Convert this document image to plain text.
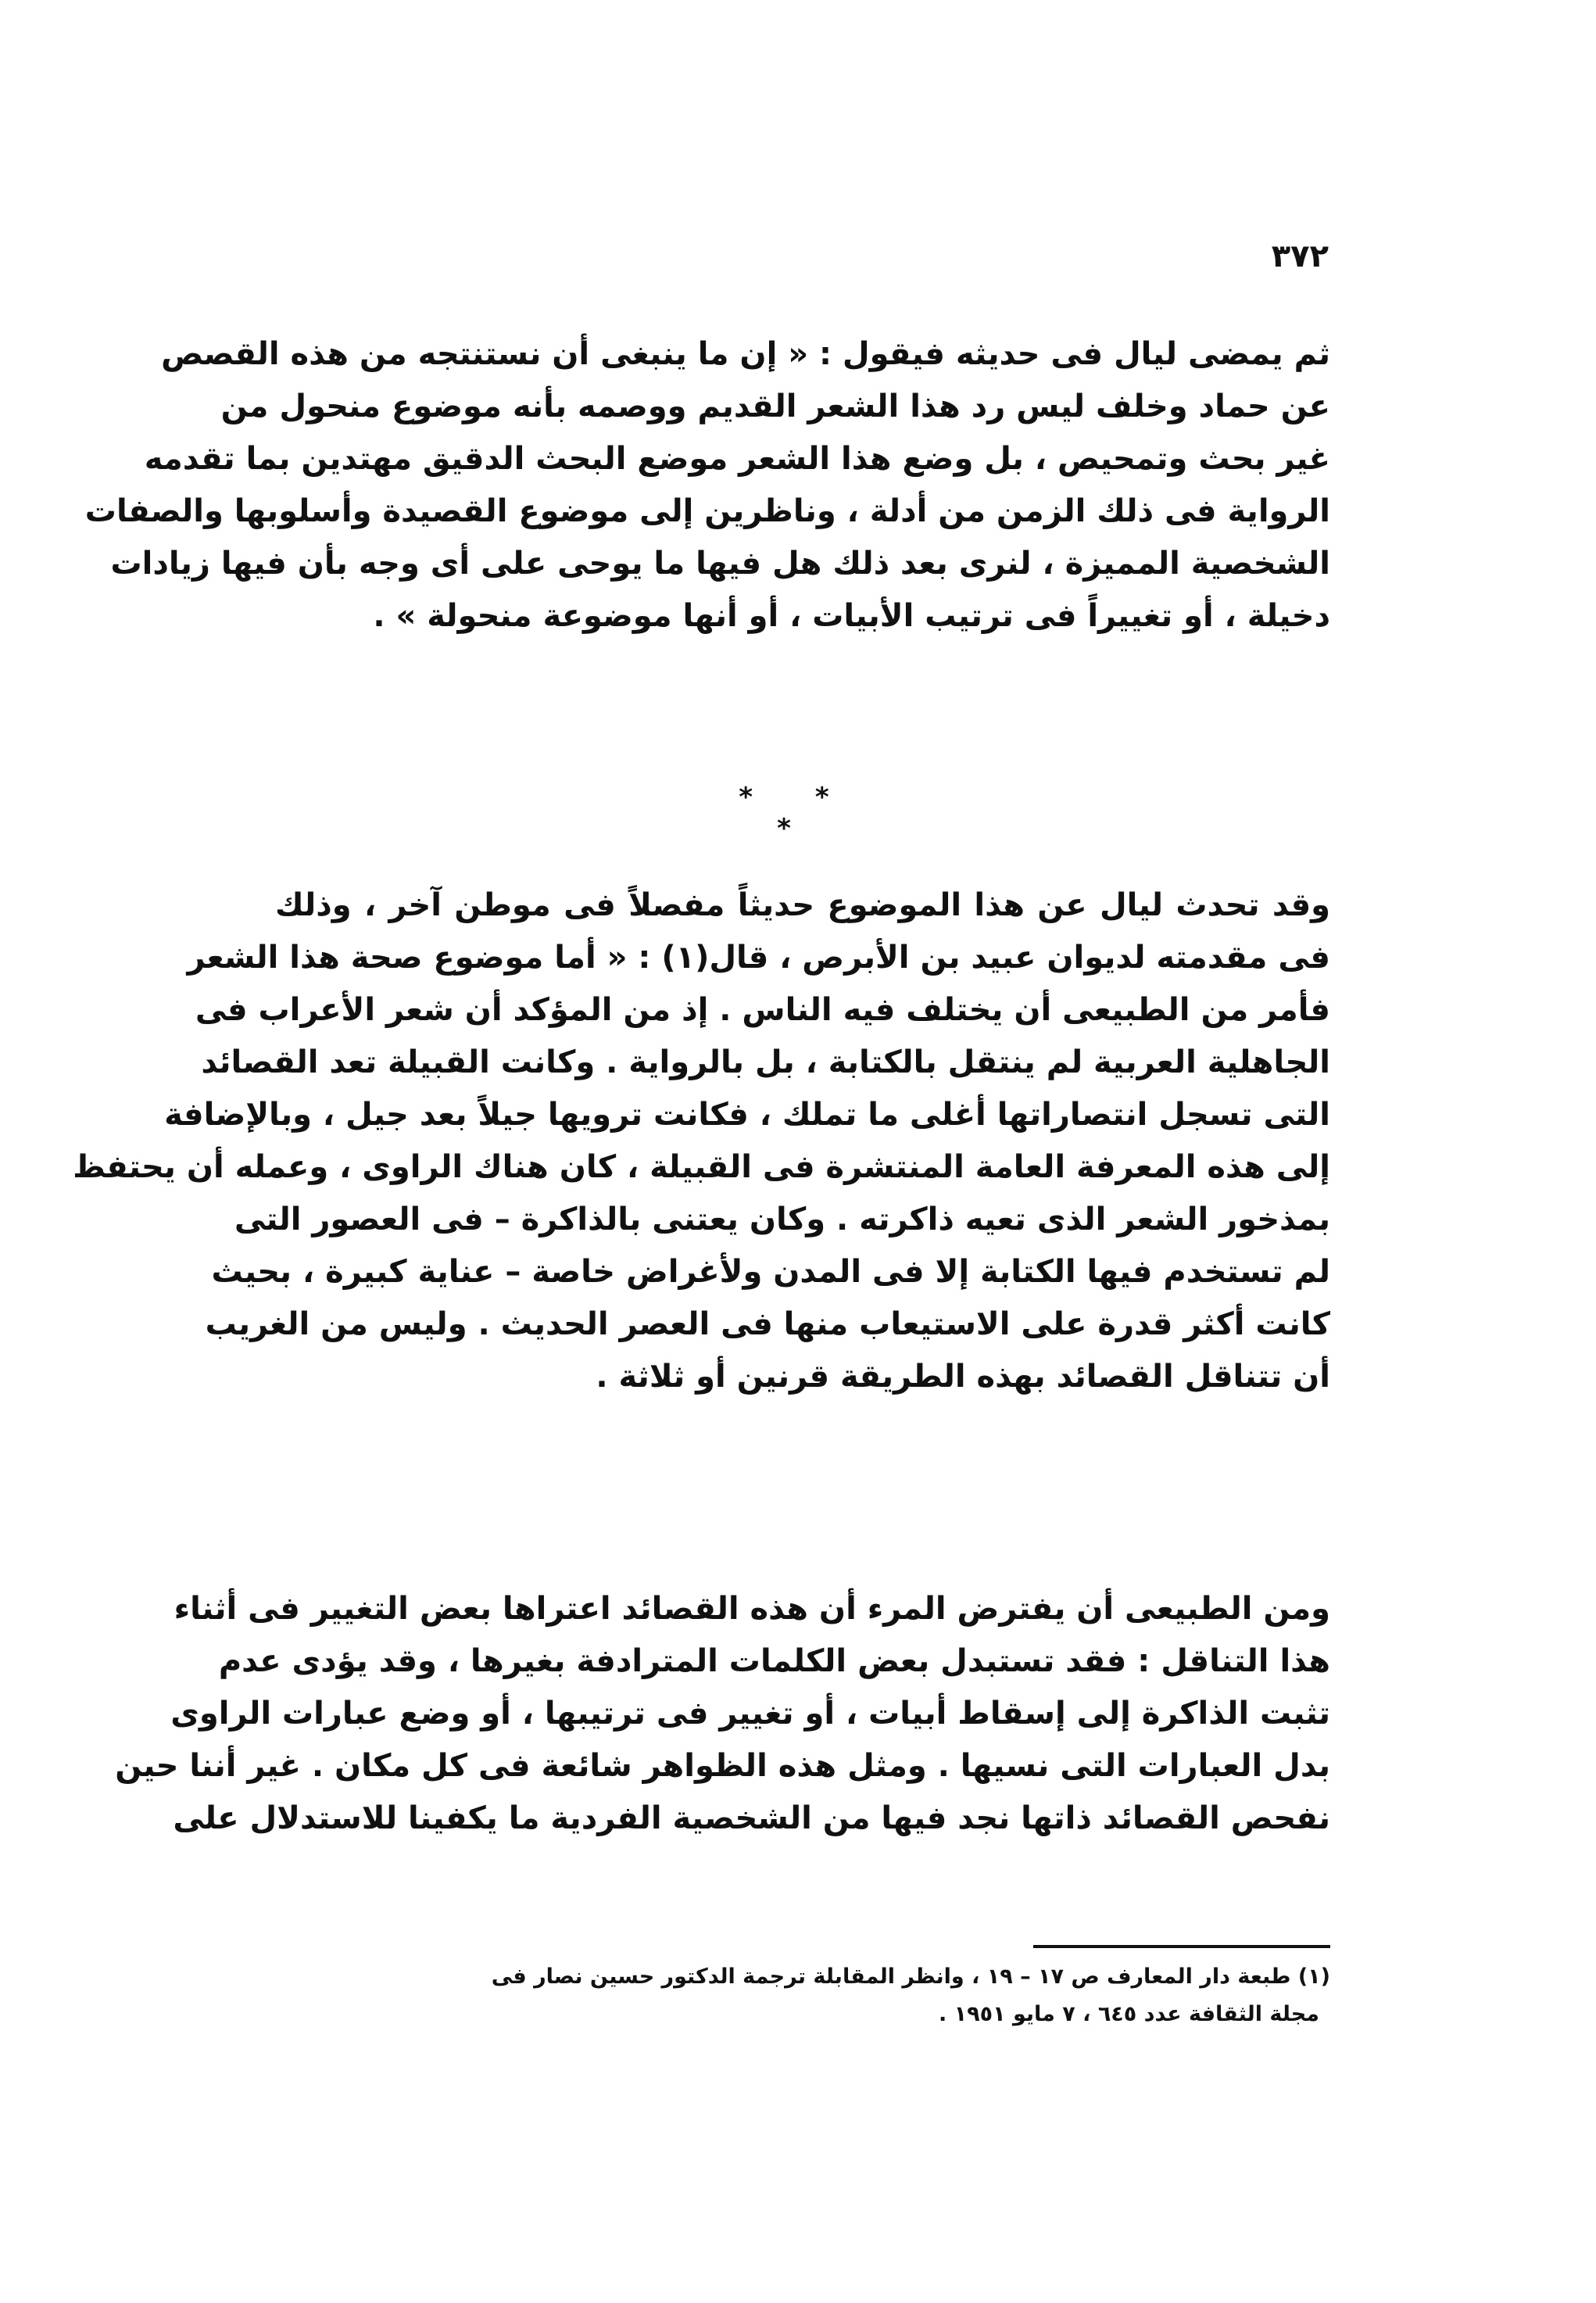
٣٧٢
ثم يمضى ليال فى حديثه فيقول : « إن ما ينبغى أن نستنتجه من هذه القصص
عن حماد وخلف ليس رد هذا الشعر القديم ووصمه بأنه موضوع منحول من
غير بحث وتمحيص ، بل وضع هذا الشعر موضع البحث الدقيق مهتدين بما تقدمه
الرواية فى ذلك الزمن من أدلة ، وناظرين إلى موضوع القصيدة وأسلوبها والصفات
الشخصية المميزة ، لنرى بعد ذلك هل فيها ما يوحى على أى وجه بأن فيها زيادات
دخيلة ، أو تغييراً فى ترتيب الأبيات ، أو أنها موضوعة منحولة » .
* * *
وقد تحدث ليال عن هذا الموضوع حديثاً مفصلاً فى موطن آخر ، وذلك
فى مقدمته لديوان عبيد بن الأبرص ، قال(١) : « أما موضوع صحة هذا الشعر
فأمر من الطبيعى أن يختلف فيه الناس . إذ من المؤكد أن شعر الأعراب فى
الجاهلية العربية لم ينتقل بالكتابة ، بل بالرواية . وكانت القبيلة تعد القصائد
التى تسجل انتصاراتها أغلى ما تملك ، فكانت ترويها جيلاً بعد جيل ، وبالإضافة
إلى هذه المعرفة العامة المنتشرة فى القبيلة ، كان هناك الراوى ، وعمله أن يحتفظ
بمذخور الشعر الذى تعيه ذاكرته . وكان يعتنى بالذاكرة – فى العصور التى
لم تستخدم فيها الكتابة إلا فى المدن ولأغراض خاصة – عناية كبيرة ، بحيث
كانت أكثر قدرة على الاستيعاب منها فى العصر الحديث . وليس من الغريب
أن تتناقل القصائد بهذه الطريقة قرنين أو ثلاثة .
ومن الطبيعى أن يفترض المرء أن هذه القصائد اعتراها بعض التغيير فى أثناء
هذا التناقل : فقد تستبدل بعض الكلمات المترادفة بغيرها ، وقد يؤدى عدم
تثبت الذاكرة إلى إسقاط أبيات ، أو تغيير فى ترتيبها ، أو وضع عبارات الراوى
بدل العبارات التى نسيها . ومثل هذه الظواهر شائعة فى كل مكان . غير أننا حين
نفحص القصائد ذاتها نجد فيها من الشخصية الفردية ما يكفينا للاستدلال على
(١) طبعة دار المعارف ص ١٧ – ١٩ ، وانظر المقابلة ترجمة الدكتور حسين نصار فى
مجلة الثقافة عدد ٦٤٥ ، ٧ مايو ١٩٥١ .
